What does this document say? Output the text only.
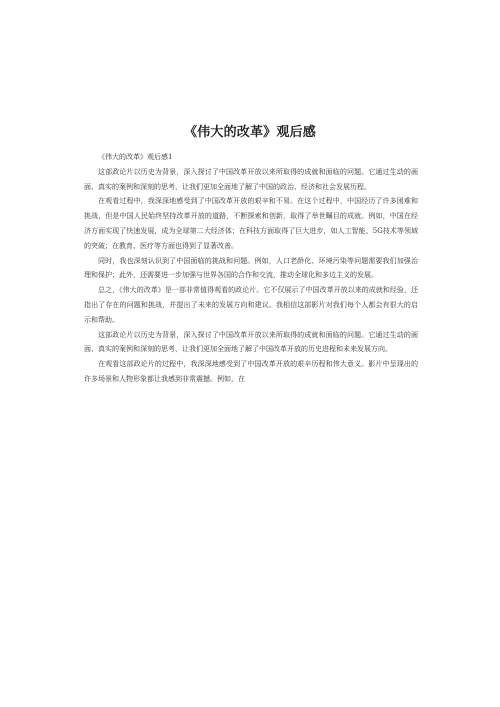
《伟大的改革》观后感

《伟大的改革》观后感1

这部政论片以历史为背景，深入探讨了中国改革开放以来所取得的成就和面临的问题。它通过生动的画面、真实的案例和深刻的思考，让我们更加全面地了解了中国的政治、经济和社会发展历程。

在观看过程中，我深深地感受到了中国改革开放的艰辛和不易。在这个过程中，中国经历了许多困难和挑战，但是中国人民始终坚持改革开放的道路，不断探索和创新，取得了举世瞩目的成就。例如，中国在经济方面实现了快速发展，成为全球第二大经济体；在科技方面取得了巨大进步，如人工智能、5G技术等领域的突破；在教育、医疗等方面也得到了显著改善。

同时，我也深刻认识到了中国面临的挑战和问题。例如，人口老龄化、环境污染等问题需要我们加强治理和保护；此外，还需要进一步加强与世界各国的合作和交流，推动全球化和多边主义的发展。

总之，《伟大的改革》是一部非常值得观看的政论片。它不仅展示了中国改革开放以来的成就和经验，还指出了存在的问题和挑战，并提出了未来的发展方向和建议。我相信这部影片对我们每个人都会有很大的启示和帮助。

这部政论片以历史为背景，深入探讨了中国改革开放以来所取得的成就和面临的问题。它通过生动的画面、真实的案例和深刻的思考，让我们更加全面地了解了中国改革开放的历史进程和未来发展方向。

在观看这部政论片的过程中，我深深地感受到了中国改革开放的艰辛历程和伟大意义。影片中呈现出的许多场景和人物形象都让我感到非常震撼。例如，在
